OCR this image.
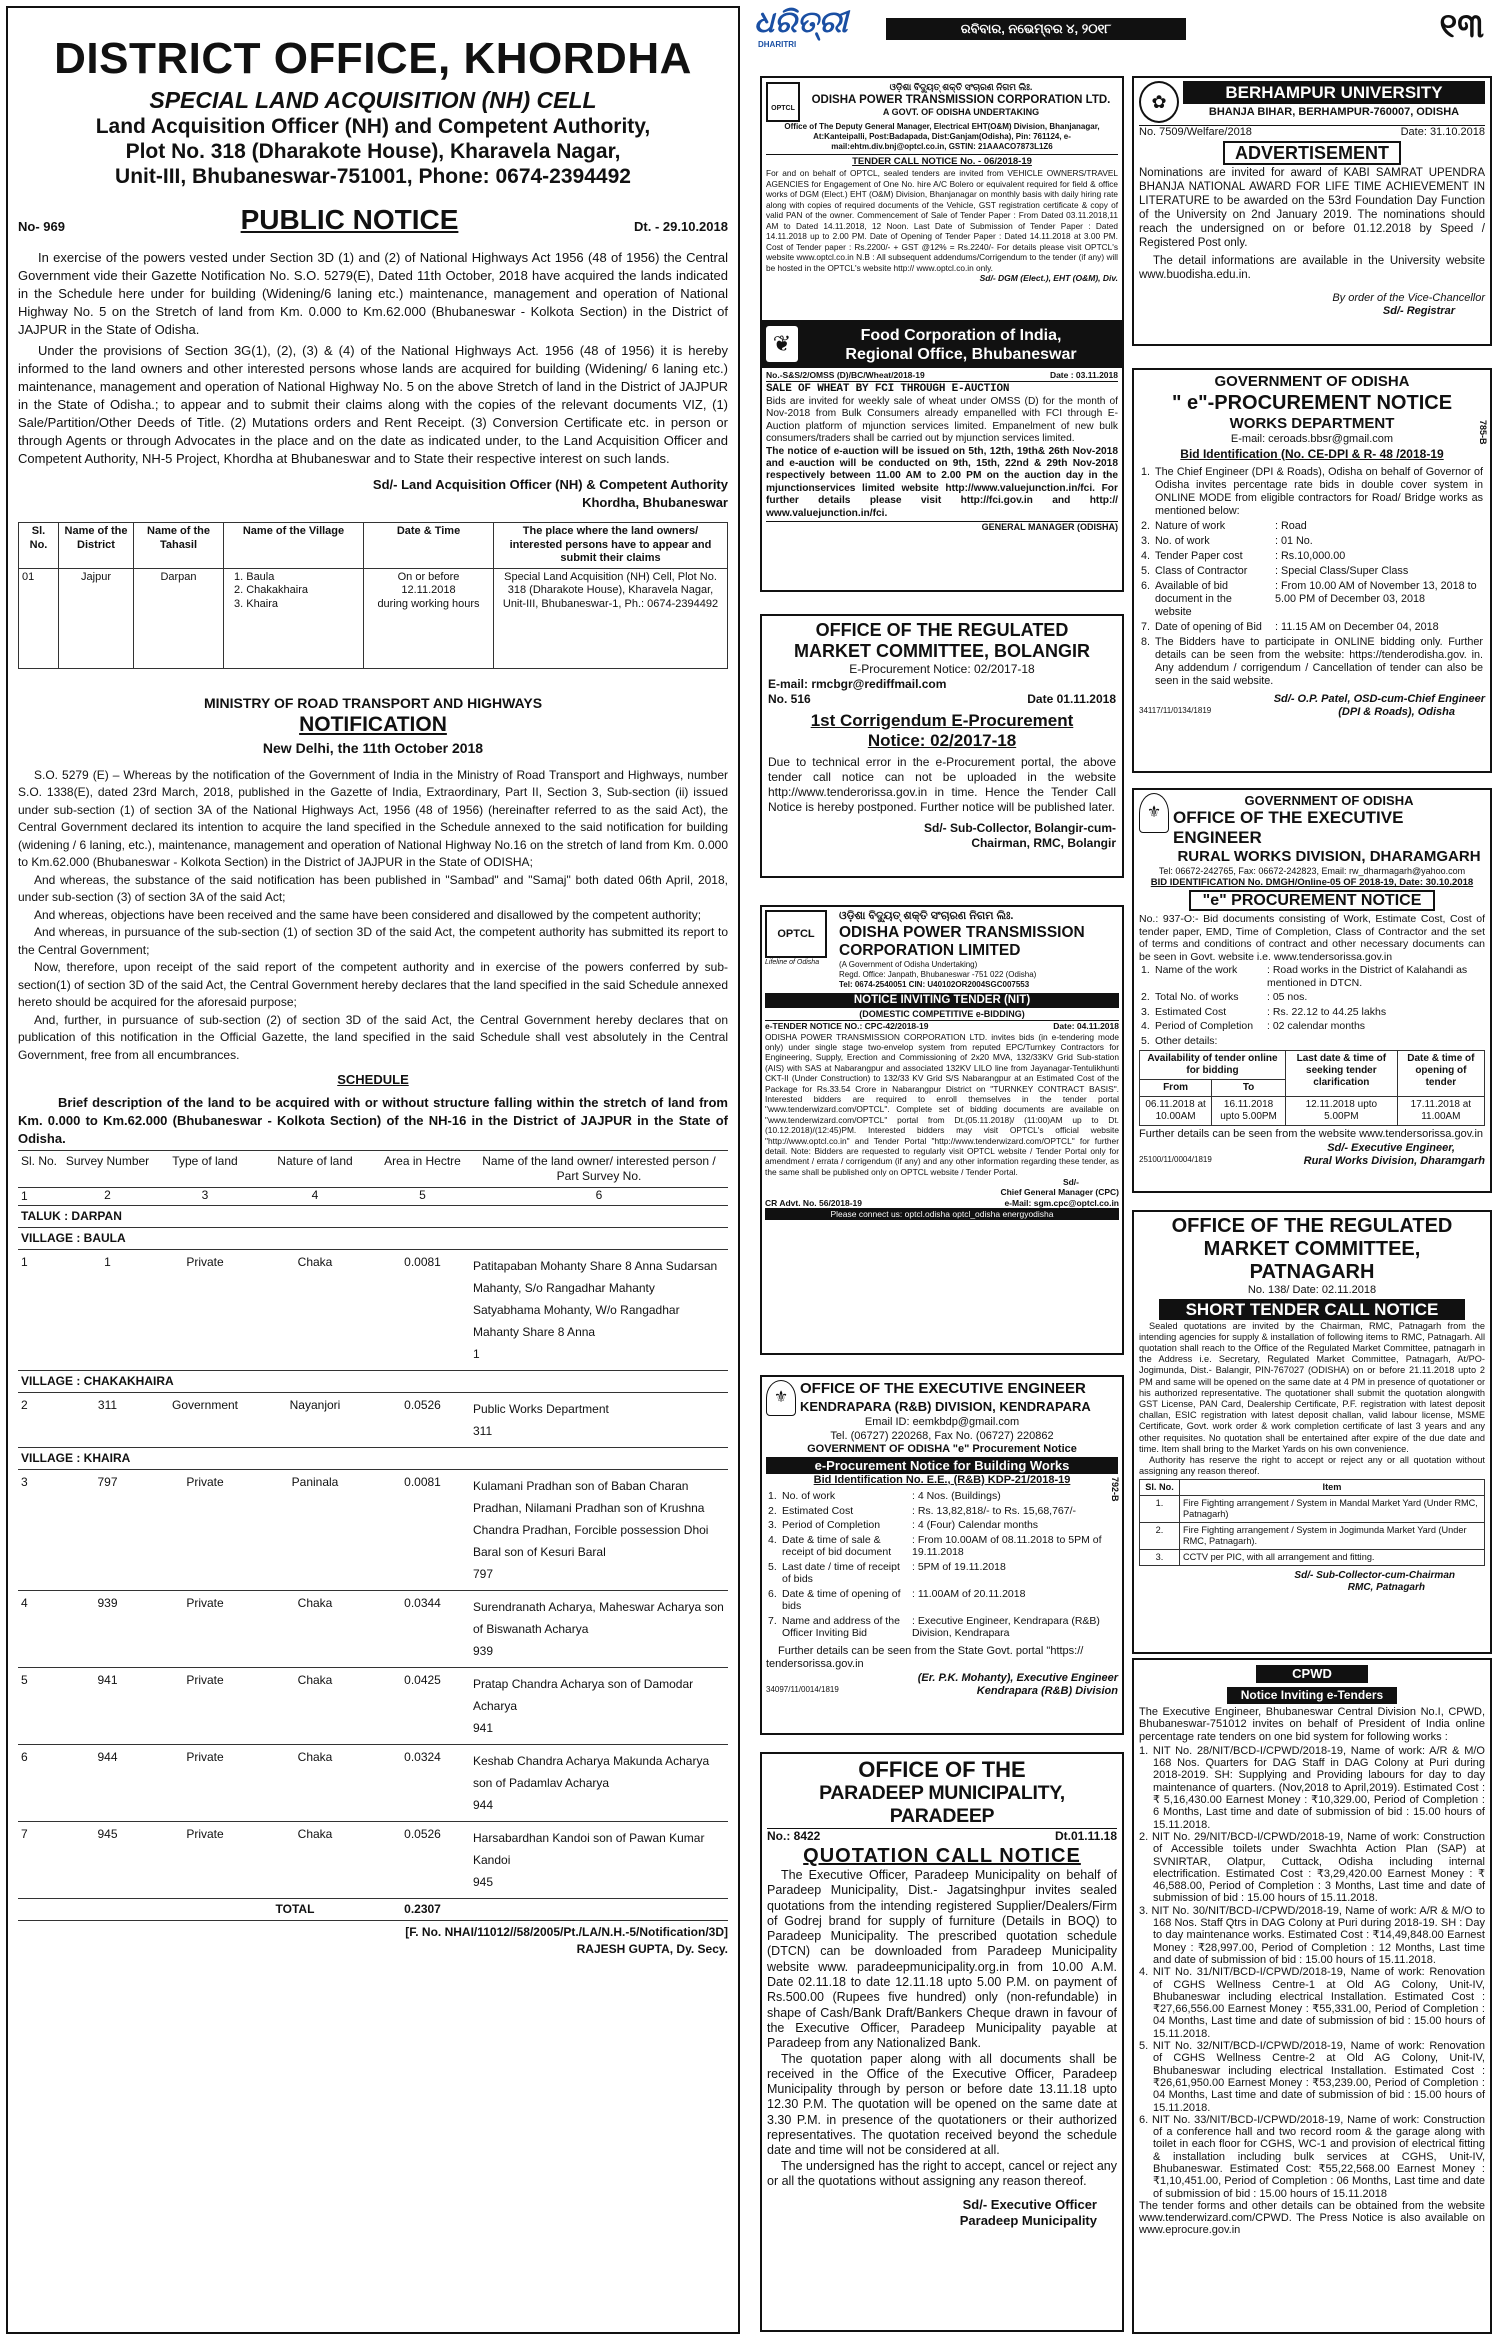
DISTRICT OFFICE, KHORDHA
SPECIAL LAND ACQUISITION (NH) CELL
Land Acquisition Officer (NH) and Competent Authority,
Plot No. 318 (Dharakote House), Kharavela Nagar,
Unit-III, Bhubaneswar-751001, Phone: 0674-2394492
No- 969	PUBLIC NOTICE	Dt. - 29.10.2018

In exercise of the powers vested under Section 3D (1) and (2) of National Highways Act 1956 (48 of 1956) the Central Government vide their Gazette Notification No. S.O. 5279(E), Dated 11th October, 2018 have acquired the lands indicated in the Schedule here under for building (Widening/6 laning etc.) maintenance, management and operation of National Highway No. 5 on the Stretch of land from Km. 0.000 to Km.62.000 (Bhubaneswar - Kolkota Section) in the District of JAJPUR in the State of Odisha.

Under the provisions of Section 3G(1), (2), (3) & (4) of the National Highways Act. 1956 (48 of 1956) it is hereby informed to the land owners and other interested persons whose lands are acquired for building (Widening/ 6 laning etc.) maintenance, management and operation of National Highway No. 5 on the above Stretch of land in the District of JAJPUR in the State of Odisha.; to appear and to submit their claims along with the copies of the relevant documents VIZ, (1) Sale/Partition/Other Deeds of Title. (2) Mutations orders and Rent Receipt. (3) Conversion Certificate etc. in person or through Agents or through Advocates in the place and on the date as indicated under, to the Land Acquisition Officer and Competent Authority, NH-5 Project, Khordha at Bhubaneswar and to State their respective interest on such lands.

Sd/- Land Acquisition Officer (NH) & Competent Authority
Khordha, Bhubaneswar
Sl. No.	Name of the District	Name of the Tahasil	Name of the Village	Date & Time	The place where the land owners/ interested persons have to appear and submit their claims
01	Jajpur	Darpan	1. Baula
2. Chakakhaira
3. Khaira	On or before
12.11.2018
during working hours	Special Land Acquisition (NH) Cell, Plot No. 318 (Dharakote House), Kharavela Nagar, Unit-III, Bhubaneswar-1, Ph.: 0674-2394492
MINISTRY OF ROAD TRANSPORT AND HIGHWAYS
NOTIFICATION
New Delhi, the 11th October 2018

S.O. 5279 (E) – Whereas by the notification of the Government of India in the Ministry of Road Transport and Highways, number S.O. 1338(E), dated 23rd March, 2018, published in the Gazette of India, Extraordinary, Part II, Section 3, Sub-section (ii) issued under sub-section (1) of section 3A of the National Highways Act, 1956 (48 of 1956) (hereinafter referred to as the said Act), the Central Government declared its intention to acquire the land specified in the Schedule annexed to the said notification for building (widening / 6 laning, etc.), maintenance, management and operation of National Highway No.16 on the stretch of land from Km. 0.000 to Km.62.000 (Bhubaneswar - Kolkota Section) in the District of JAJPUR in the State of ODISHA;

And whereas, the substance of the said notification has been published in "Sambad" and "Samaj" both dated 06th April, 2018, under sub-section (3) of section 3A of the said Act;

And whereas, objections have been received and the same have been considered and disallowed by the competent authority;

And whereas, in pursuance of the sub-section (1) of section 3D of the said Act, the competent authority has submitted its report to the Central Government;

Now, therefore, upon receipt of the said report of the competent authority and in exercise of the powers conferred by sub-section(1) of section 3D of the said Act, the Central Government hereby declares that the land specified in the said Schedule annexed hereto should be acquired for the aforesaid purpose;

And, further, in pursuance of sub-section (2) of section 3D of the said Act, the Central Government hereby declares that on publication of this notification in the Official Gazette, the land specified in the said Schedule shall vest absolutely in the Central Government, free from all encumbrances.

SCHEDULE

Brief description of the land to be acquired with or without structure falling within the stretch of land from Km. 0.000 to Km.62.000 (Bhubaneswar - Kolkota Section) of the NH-16 in the District of JAJPUR in the State of Odisha.

Sl. No.	Survey Number	Type of land	Nature of land	Area in Hectre	Name of the land owner/ interested person / Part Survey No.
1	2	3	4	5	6
TALUK : DARPAN					
VILLAGE : BAULA					
1	1	Private	Chaka	0.0081	Patitapaban Mohanty Share 8 Anna Sudarsan Mahanty, S/o Rangadhar Mahanty Satyabhama Mohanty, W/o Rangadhar Mahanty Share 8 Anna
1
VILLAGE : CHAKAKHAIRA					
2	311	Government	Nayanjori	0.0526	Public Works Department
311
VILLAGE : KHAIRA					
3	797	Private	Paninala	0.0081	Kulamani Pradhan son of Baban Charan Pradhan, Nilamani Pradhan son of Krushna Chandra Pradhan, Forcible possession Dhoi Baral son of Kesuri Baral
797
4	939	Private	Chaka	0.0344	Surendranath Acharya, Maheswar Acharya son of Biswanath Acharya
939
5	941	Private	Chaka	0.0425	Pratap Chandra Acharya son of Damodar Acharya
941
6	944	Private	Chaka	0.0324	Keshab Chandra Acharya Makunda Acharya son of Padamlav Acharya
944
7	945	Private	Chaka	0.0526	Harsabardhan Kandoi son of Pawan Kumar Kandoi
945
TOTAL				0.2307	
[F. No. NHAI/11012//58/2005/Pt./LA/N.H.-5/Notification/3D]
RAJESH GUPTA, Dy. Secy.
ଧରିତ୍ରୀ
DHARITRI
ରବିବାର, ନଭେମ୍ବର ୪, ୨୦୧୮	୧୩
OPTCL
ଓଡ଼ିଶା ବିଦ୍ୟୁତ୍ ଶକ୍ତି ସଂଚାରଣ ନିଗମ ଲିଃ.
ODISHA POWER TRANSMISSION CORPORATION LTD.
A GOVT. OF ODISHA UNDERTAKING
Office of The Deputy General Manager, Electrical EHT(O&M) Division, Bhanjanagar, At:Kanteipalli, Post:Badapada, Dist:Ganjam(Odisha), Pin: 761124, e-mail:ehtm.div.bnj@optcl.co.in, GSTIN: 21AAACO7873L1Z6
TENDER CALL NOTICE No. - 06/2018-19

For and on behalf of OPTCL, sealed tenders are invited from VEHICLE OWNERS/TRAVEL AGENCIES for Engagement of One No. hire A/C Bolero or equivalent required for field & office works of DGM (Elect.) EHT (O&M) Division, Bhanjanagar on monthly basis with daily hiring rate along with copies of required documents of the Vehicle, GST registration certificate & copy of valid PAN of the owner. Commencement of Sale of Tender Paper : From Dated 03.11.2018,11 AM to Dated 14.11.2018, 12 Noon. Last Date of Submission of Tender Paper : Dated 14.11.2018 up to 2.00 PM. Date of Opening of Tender Paper : Dated 14.11.2018 at 3.00 PM. Cost of Tender paper : Rs.2200/- + GST @12% = Rs.2240/- For details please visit OPTCL's website www.optcl.co.in N.B : All subsequent addendums/Corrigendum to the tender (if any) will be hosted in the OPTCL's website http:// www.optcl.co.in only.

Sd/- DGM (Elect.), EHT (O&M), Div.
❦	Food Corporation of India,
Regional Office, Bhubaneswar
No.-S&S/2/OMSS (D)/BC/Wheat/2018-19	Date : 03.11.2018
SALE OF WHEAT BY FCI THROUGH E-AUCTION

Bids are invited for weekly sale of wheat under OMSS (D) for the month of Nov-2018 from Bulk Consumers already empanelled with FCI through E-Auction platform of mjunction services limited. Empanelment of new bulk consumers/traders shall be carried out by mjunction services limited.

The notice of e-auction will be issued on 5th, 12th, 19th& 26th Nov-2018 and e-auction will be conducted on 9th, 15th, 22nd & 29th Nov-2018 respectively between 11.00 AM to 2.00 PM on the auction day in the mjunctionservices limited website http://www.valuejunction.in/fci. For further details please visit http://fci.gov.in and http:// www.valuejunction.in/fci.

GENERAL MANAGER (ODISHA)
OFFICE OF THE REGULATED
MARKET COMMITTEE, BOLANGIR
E-Procurement Notice: 02/2017-18
E-mail: rmcbgr@rediffmail.com
No. 516	Date 01.11.2018
1st Corrigendum E-Procurement
Notice: 02/2017-18

Due to technical error in the e-Procurement portal, the above tender call notice can not be uploaded in the website http://www.tenderorissa.gov.in in time. Hence the Tender Call Notice is hereby postponed. Further notice will be published later.

Sd/- Sub-Collector, Bolangir-cum-
Chairman, RMC, Bolangir
OPTCL
Lifeline of Odisha
ଓଡ଼ିଶା ବିଦ୍ୟୁତ୍ ଶକ୍ତି ସଂଚାରଣ ନିଗମ ଲିଃ.
ODISHA POWER TRANSMISSION
CORPORATION LIMITED
(A Government of Odisha Undertaking)
Regd. Office: Janpath, Bhubaneswar -751 022 (Odisha)
Tel: 0674-2540051 CIN: U40102OR2004SGC007553
NOTICE INVITING TENDER (NIT)
(DOMESTIC COMPETITIVE e-BIDDING)
e-TENDER NOTICE NO.: CPC-42/2018-19	Date: 04.11.2018

ODISHA POWER TRANSMISSION CORPORATION LTD. invites bids (in e-tendering mode only) under single stage two-envelop system from reputed EPC/Turnkey Contractors for Engineering, Supply, Erection and Commissioning of 2x20 MVA, 132/33KV Grid Sub-station (AIS) with SAS at Nabarangpur and associated 132KV LILO line from Jayanagar-Tentulikhunti CKT-II (Under Construction) to 132/33 KV Grid S/S Nabarangpur at an Estimated Cost of the Package for Rs.33.54 Crore in Nabarangpur District on "TURNKEY CONTRACT BASIS". Interested bidders are required to enroll themselves in the tender portal "www.tenderwizard.com/OPTCL". Complete set of bidding documents are available on "www.tenderwizard.com/OPTCL" portal from Dt.(05.11.2018)/ (11:00)AM up to Dt.(10.12.2018)/(12:45)PM. Interested bidders may visit OPTCL's official website "http://www.optcl.co.in" and Tender Portal "http://www.tenderwizard.com/OPTCL" for further detail. Note: Bidders are requested to regularly visit OPTCL website / Tender Portal only for amendment / errata / corrigendum (if any) and any other information regarding these tender, as the same shall be published only on OPTCL website / Tender Portal.

Sd/-
Chief General Manager (CPC)
CR Advt. No. 56/2018-19	e-Mail: sgm.cpc@optcl.co.in
Please connect us: optcl.odisha optcl_odisha energyodisha
⚜
OFFICE OF THE EXECUTIVE ENGINEER
KENDRAPARA (R&B) DIVISION, KENDRAPARA
Email ID: eemkbdp@gmail.com
Tel. (06727) 220268, Fax No. (06727) 220862
GOVERNMENT OF ODISHA "e" Procurement Notice
e-Procurement Notice for Building Works
Bid Identification No. E.E., (R&B) KDP-21/2018-19	792-B
1.	No. of work	: 4 Nos. (Buildings)
2.	Estimated Cost	: Rs. 13,82,818/- to Rs. 15,68,767/-
3.	Period of Completion	: 4 (Four) Calendar months
4.	Date & time of sale & receipt of bid document	: From 10.00AM of 08.11.2018 to 5PM of 19.11.2018
5.	Last date / time of receipt of bids	: 5PM of 19.11.2018
6.	Date & time of opening of bids	: 11.00AM of 20.11.2018
7.	Name and address of the Officer Inviting Bid	: Executive Engineer, Kendrapara (R&B) Division, Kendrapara

Further details can be seen from the State Govt. portal "https:// tendersorissa.gov.in

(Er. P.K. Mohanty), Executive Engineer
34097/11/0014/1819	Kendrapara (R&B) Division
OFFICE OF THE
PARADEEP MUNICIPALITY, PARADEEP
No.: 8422	Dt.01.11.18
QUOTATION CALL NOTICE

The Executive Officer, Paradeep Municipality on behalf of Paradeep Municipality, Dist.- Jagatsinghpur invites sealed quotations from the intending registered Supplier/Dealers/Firm of Godrej brand for supply of furniture (Details in BOQ) to Paradeep Municipality. The prescribed quotation schedule (DTCN) can be downloaded from Paradeep Municipality website www. paradeepmunicipality.org.in from 10.00 A.M. Date 02.11.18 to date 12.11.18 upto 5.00 P.M. on payment of Rs.500.00 (Rupees five hundred) only (non-refundable) in shape of Cash/Bank Draft/Bankers Cheque drawn in favour of the Executive Officer, Paradeep Municipality payable at Paradeep from any Nationalized Bank.

The quotation paper along with all documents shall be received in the Office of the Executive Officer, Paradeep Municipality through by person or before date 13.11.18 upto 12.30 P.M. The quotation will be opened on the same date at 3.30 P.M. in presence of the quotationers or their authorized representatives. The quotation received beyond the schedule date and time will not be considered at all.

The undersigned has the right to accept, cancel or reject any or all the quotations without assigning any reason thereof.

Sd/- Executive Officer
Paradeep Municipality
✿	BERHAMPUR UNIVERSITY
BHANJA BIHAR, BERHAMPUR-760007, ODISHA
No. 7509/Welfare/2018	Date: 31.10.2018
ADVERTISEMENT

Nominations are invited for award of KABI SAMRAT UPENDRA BHANJA NATIONAL AWARD FOR LIFE TIME ACHIEVEMENT IN LITERATURE to be awarded on the 53rd Foundation Day Function of the University on 2nd January 2019. The nominations should reach the undersigned on or before 01.12.2018 by Speed / Registered Post only.

The detail informations are available in the University website www.buodisha.edu.in.

By order of the Vice-Chancellor
Sd/- Registrar
GOVERNMENT OF ODISHA
" e"-PROCUREMENT NOTICE
WORKS DEPARTMENT
E-mail: ceroads.bbsr@gmail.com
Bid Identification (No. CE-DPI & R- 48 /2018-19
785-B
1.	The Chief Engineer (DPI & Roads), Odisha on behalf of Governor of Odisha invites percentage rate bids in double cover system in ONLINE MODE from eligible contractors for Road/ Bridge works as mentioned below:	
2.	Nature of work	: Road
3.	No. of work	: 01 No.
4.	Tender Paper cost	: Rs.10,000.00
5.	Class of Contractor	: Special Class/Super Class
6.	Available of bid document in the website	: From 10.00 AM of November 13, 2018 to 5.00 PM of December 03, 2018
7.	Date of opening of Bid	: 11.15 AM on December 04, 2018
8.	The Bidders have to participate in ONLINE bidding only. Further details can be seen from the website: https://tenderodisha.gov. in. Any addendum / corrigendum / Cancellation of tender can also be seen in the said website.	
Sd/- O.P. Patel, OSD-cum-Chief Engineer
34117/11/0134/1819	(DPI & Roads), Odisha
⚜
GOVERNMENT OF ODISHA
OFFICE OF THE EXECUTIVE ENGINEER
RURAL WORKS DIVISION, DHARAMGARH
Tel: 06672-242765, Fax: 06672-242823, Email: rw_dharmagarh@yahoo.com
BID IDENTIFICATION No. DMGH/Online-05 OF 2018-19, Date: 30.10.2018
"e" PROCUREMENT NOTICE

No.: 937-O:- Bid documents consisting of Work, Estimate Cost, Cost of tender paper, EMD, Time of Completion, Class of Contractor and the set of terms and conditions of contract and other necessary documents can be seen in Govt. website i.e. www.tendersorissa.gov.in

1.	Name of the work	: Road works in the District of Kalahandi as mentioned in DTCN.
2.	Total No. of works	: 05 nos.
3.	Estimated Cost	: Rs. 22.12 to 44.25 lakhs
4.	Period of Completion	: 02 calendar months
5.	Other details:	
Availability of tender online for bidding		Last date & time of seeking tender clarification	Date & time of opening of tender
From	To		
06.11.2018 at 10.00AM	16.11.2018 upto 5.00PM	12.11.2018 upto 5.00PM	17.11.2018 at 11.00AM
Further details can be seen from the website www.tendersorissa.gov.in
Sd/- Executive Engineer,
25100/11/0004/1819	Rural Works Division, Dharamgarh
OFFICE OF THE REGULATED
MARKET COMMITTEE, PATNAGARH
No. 138/ Date: 02.11.2018
SHORT TENDER CALL NOTICE

Sealed quotations are invited by the Chairman, RMC, Patnagarh from the intending agencies for supply & installation of following items to RMC, Patnagarh. All quotation shall reach to the Office of the Regulated Market Committee, patnagarh in the Address i.e. Secretary, Regulated Market Committee, Patnagarh, At/PO- Jogimunda, Dist.- Balangir, PIN-767027 (ODISHA) on or before 21.11.2018 upto 2 PM and same will be opened on the same date at 4 PM in presence of quotationer or his authorized representative. The quotationer shall submit the quotation alongwith GST License, PAN Card, Dealership Certificate, P.F. registration with latest deposit challan, ESIC registration with latest deposit challan, valid labour license, MSME Certificate, Govt. work order & work completion certificate of last 3 years and any other requisites. No quotation shall be entertained after expire of the due date and time. Item shall bring to the Market Yards on his own convenience.

Authority has reserve the right to accept or reject any or all quotation without assigning any reason thereof.

Sl. No.	Item
1.	Fire Fighting arrangement / System in Mandal Market Yard (Under RMC, Patnagarh)
2.	Fire Fighting arrangement / System in Jogimunda Market Yard (Under RMC, Patnagarh).
3.	CCTV per PIC, with all arrangement and fitting.
Sd/- Sub-Collector-cum-Chairman
RMC, Patnagarh
CPWD
Notice Inviting e-Tenders

The Executive Engineer, Bhubaneswar Central Division No.I, CPWD, Bhubaneswar-751012 invites on behalf of President of India online percentage rate tenders on one bid system for following works :

1. NIT No. 28/NIT/BCD-I/CPWD/2018-19, Name of work: A/R & M/O 168 Nos. Quarters for DAG Staff in DAG Colony at Puri during 2018-2019. SH: Supplying and Providing labours for day to day maintenance of quarters. (Nov,2018 to April,2019). Estimated Cost : ₹ 5,16,430.00 Earnest Money : ₹10,329.00, Period of Completion : 6 Months, Last time and date of submission of bid : 15.00 hours of 15.11.2018.

2. NIT No. 29/NIT/BCD-I/CPWD/2018-19, Name of work: Construction of Accessible toilets under Swachhta Action Plan (SAP) at SVNIRTAR, Olatpur, Cuttack, Odisha including internal electrification. Estimated Cost : ₹3,29,420.00 Earnest Money : ₹ 46,588.00, Period of Completion : 3 Months, Last time and date of submission of bid : 15.00 hours of 15.11.2018.

3. NIT No. 30/NIT/BCD-I/CPWD/2018-19, Name of work: A/R & M/O to 168 Nos. Staff Qtrs in DAG Colony at Puri during 2018-19. SH : Day to day maintenance works. Estimated Cost : ₹14,49,848.00 Earnest Money : ₹28,997.00, Period of Completion : 12 Months, Last time and date of submission of bid : 15.00 hours of 15.11.2018.

4. NIT No. 31/NIT/BCD-I/CPWD/2018-19, Name of work: Renovation of CGHS Wellness Centre-1 at Old AG Colony, Unit-IV, Bhubaneswar including electrical Installation. Estimated Cost : ₹27,66,556.00 Earnest Money : ₹55,331.00, Period of Completion : 04 Months, Last time and date of submission of bid : 15.00 hours of 15.11.2018.

5. NIT No. 32/NIT/BCD-I/CPWD/2018-19, Name of work: Renovation of CGHS Wellness Centre-2 at Old AG Colony, Unit-IV, Bhubaneswar including electrical Installation. Estimated Cost : ₹26,61,950.00 Earnest Money : ₹53,239.00, Period of Completion : 04 Months, Last time and date of submission of bid : 15.00 hours of 15.11.2018.

6. NIT No. 33/NIT/BCD-I/CPWD/2018-19, Name of work: Construction of a conference hall and two record room & the garage along with toilet in each floor for CGHS, WC-1 and provision of electrical fitting & installation including bulk services at CGHS, Unit-IV, Bhubaneswar. Estimated Cost: ₹55,22,568.00 Earnest Money : ₹1,10,451.00, Period of Completion : 06 Months, Last time and date of submission of bid : 15.00 hours of 15.11.2018

The tender forms and other details can be obtained from the website www.tenderwizard.com/CPWD. The Press Notice is also available on www.eprocure.gov.in
